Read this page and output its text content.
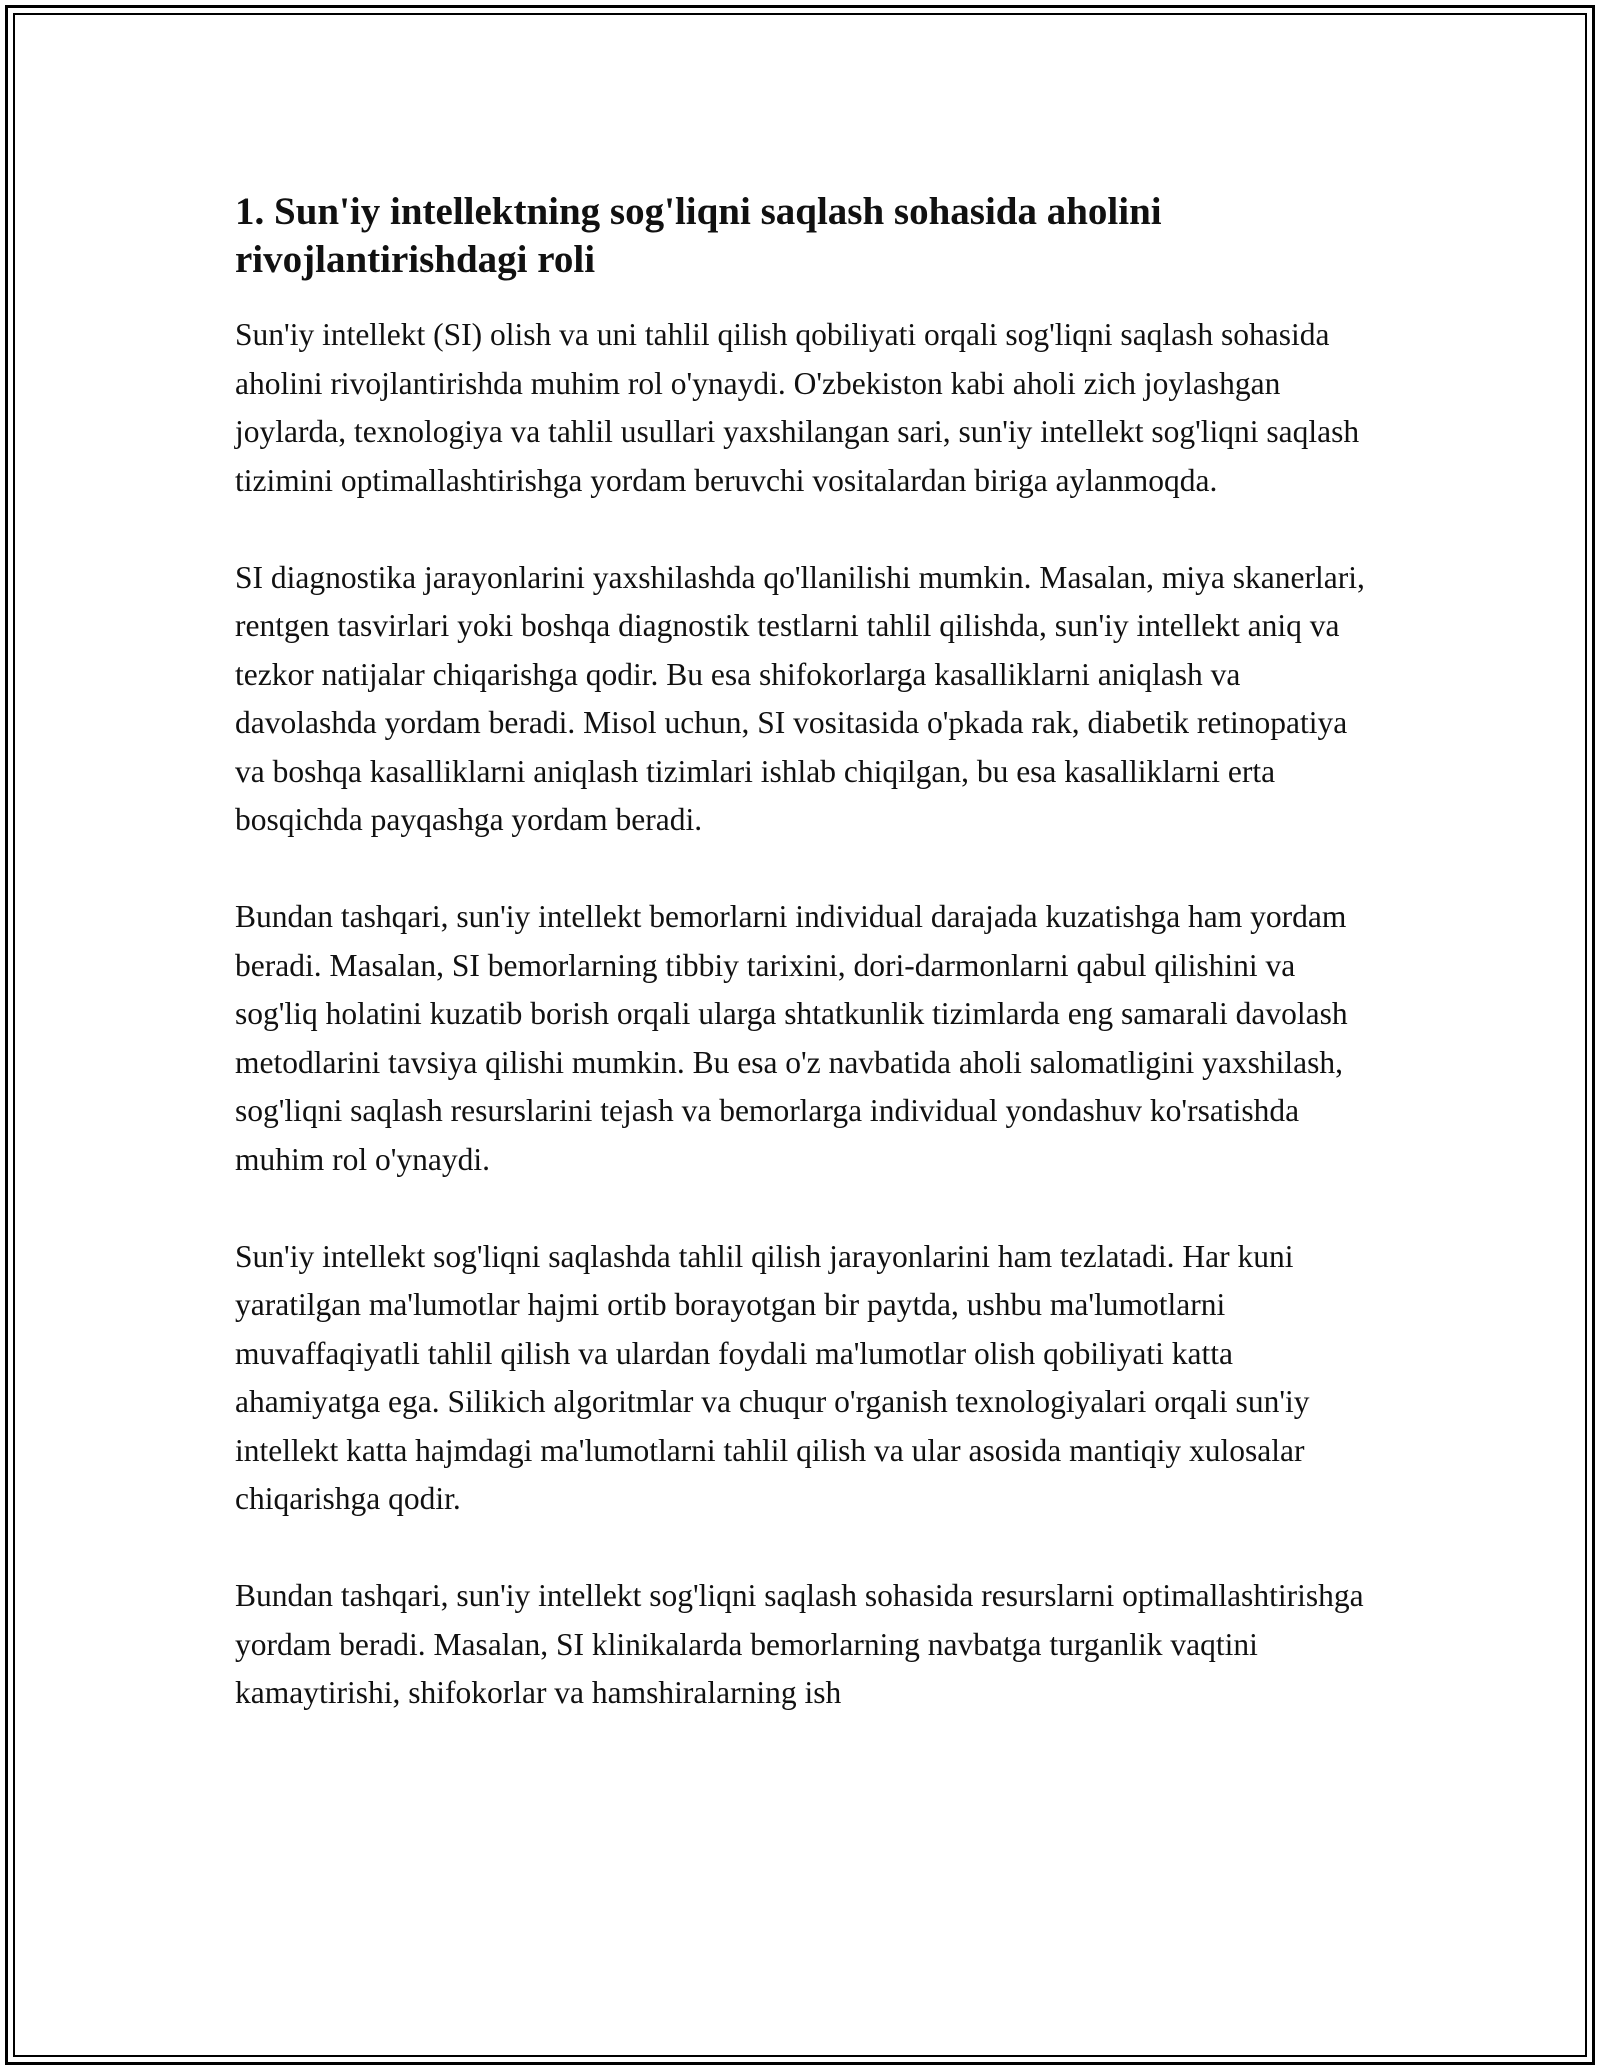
1. Sun'iy intellektning sog'liqni saqlash sohasida aholini rivojlantirishdagi roli

Sun'iy intellekt (SI) olish va uni tahlil qilish qobiliyati orqali sog'liqni saqlash sohasida aholini rivojlantirishda muhim rol o'ynaydi. O'zbekiston kabi aholi zich joylashgan joylarda, texnologiya va tahlil usullari yaxshilangan sari, sun'iy intellekt sog'liqni saqlash tizimini optimallashtirishga yordam beruvchi vositalardan biriga aylanmoqda.

SI diagnostika jarayonlarini yaxshilashda qo'llanilishi mumkin. Masalan, miya skanerlari, rentgen tasvirlari yoki boshqa diagnostik testlarni tahlil qilishda, sun'iy intellekt aniq va tezkor natijalar chiqarishga qodir. Bu esa shifokorlarga kasalliklarni aniqlash va davolashda yordam beradi. Misol uchun, SI vositasida o'pkada rak, diabetik retinopatiya va boshqa kasalliklarni aniqlash tizimlari ishlab chiqilgan, bu esa kasalliklarni erta bosqichda payqashga yordam beradi.

Bundan tashqari, sun'iy intellekt bemorlarni individual darajada kuzatishga ham yordam beradi. Masalan, SI bemorlarning tibbiy tarixini, dori-darmonlarni qabul qilishini va sog'liq holatini kuzatib borish orqali ularga shtatkunlik tizimlarda eng samarali davolash metodlarini tavsiya qilishi mumkin. Bu esa o'z navbatida aholi salomatligini yaxshilash, sog'liqni saqlash resurslarini tejash va bemorlarga individual yondashuv ko'rsatishda muhim rol o'ynaydi.

Sun'iy intellekt sog'liqni saqlashda tahlil qilish jarayonlarini ham tezlatadi. Har kuni yaratilgan ma'lumotlar hajmi ortib borayotgan bir paytda, ushbu ma'lumotlarni muvaffaqiyatli tahlil qilish va ulardan foydali ma'lumotlar olish qobiliyati katta ahamiyatga ega. Silikich algoritmlar va chuqur o'rganish texnologiyalari orqali sun'iy intellekt katta hajmdagi ma'lumotlarni tahlil qilish va ular asosida mantiqiy xulosalar chiqarishga qodir.

Bundan tashqari, sun'iy intellekt sog'liqni saqlash sohasida resurslarni optimallashtirishga yordam beradi. Masalan, SI klinikalarda bemorlarning navbatga turganlik vaqtini kamaytirishi, shifokorlar va hamshiralarning ish
